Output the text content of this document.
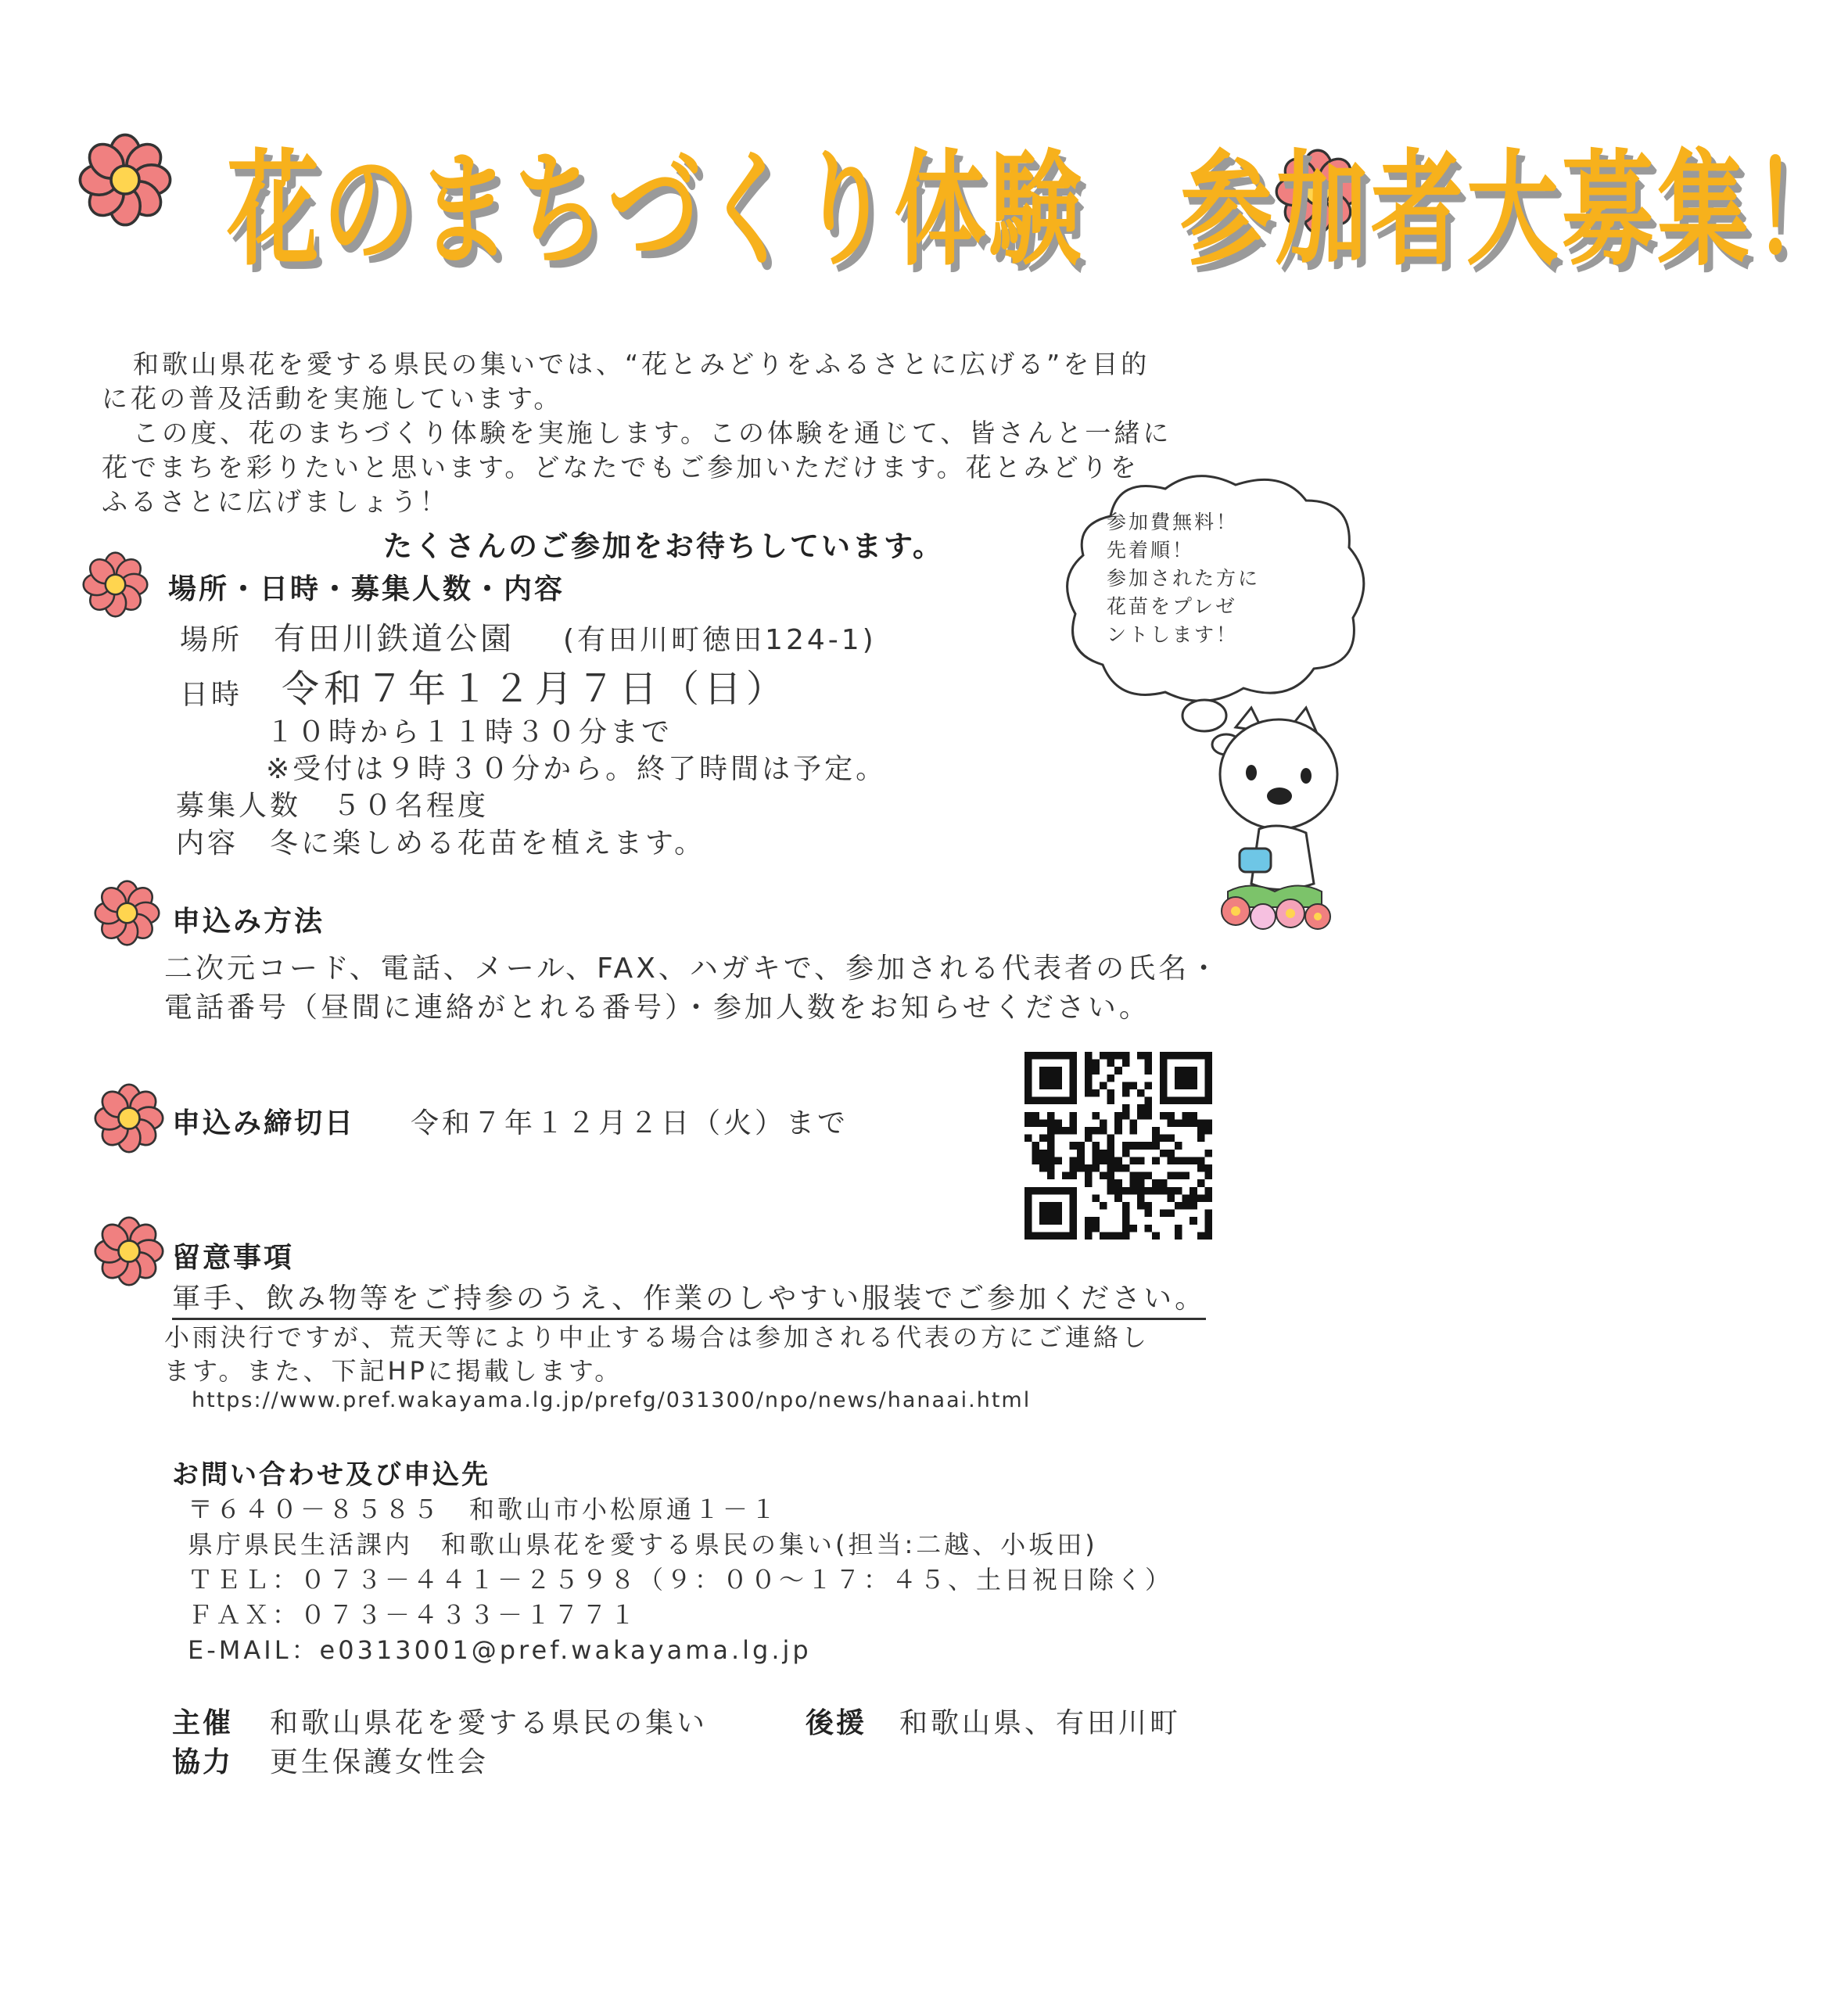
花のまちづくり体験　参加者大募集！
和歌山県花を愛する県民の集いでは、“花とみどりをふるさとに広げる”を目的
に花の普及活動を実施しています。
この度、花のまちづくり体験を実施します。この体験を通じて、皆さんと一緒に
花でまちを彩りたいと思います。どなたでもご参加いただけます。花とみどりを
ふるさとに広げましょう！
たくさんのご参加をお待ちしています。
参加費無料！
先着順！
参加された方に
花苗をプレゼ
ントします！
場所・日時・募集人数・内容
場所 有田川鉄道公園 (有田川町徳田124-1)
日時 令和７年１２月７日（日）
１０時から１１時３０分まで
※受付は９時３０分から。終了時間は予定。
募集人数　５０名程度
内容　冬に楽しめる花苗を植えます。
申込み方法
二次元コード、電話、メール、FAX、ハガキで、参加される代表者の氏名・
電話番号（昼間に連絡がとれる番号）・参加人数をお知らせください。
申込み締切日 令和７年１２月２日（火）まで
留意事項
軍手、飲み物等をご持参のうえ、作業のしやすい服装でご参加ください。
小雨決行ですが、荒天等により中止する場合は参加される代表の方にご連絡し
ます。また、下記HPに掲載します。
https://www.pref.wakayama.lg.jp/prefg/031300/npo/news/hanaai.html
お問い合わせ及び申込先
〒６４０－８５８５　和歌山市小松原通１－１
県庁県民生活課内　和歌山県花を愛する県民の集い(担当:二越、小坂田)
ＴＥＬ：０７３－４４１－２５９８（９：００～１７：４５、土日祝日除く）
ＦＡＸ：０７３－４３３－１７７１
E-MAIL：e0313001@pref.wakayama.lg.jp
主催 和歌山県花を愛する県民の集い	後援 和歌山県、有田川町
協力 更生保護女性会
